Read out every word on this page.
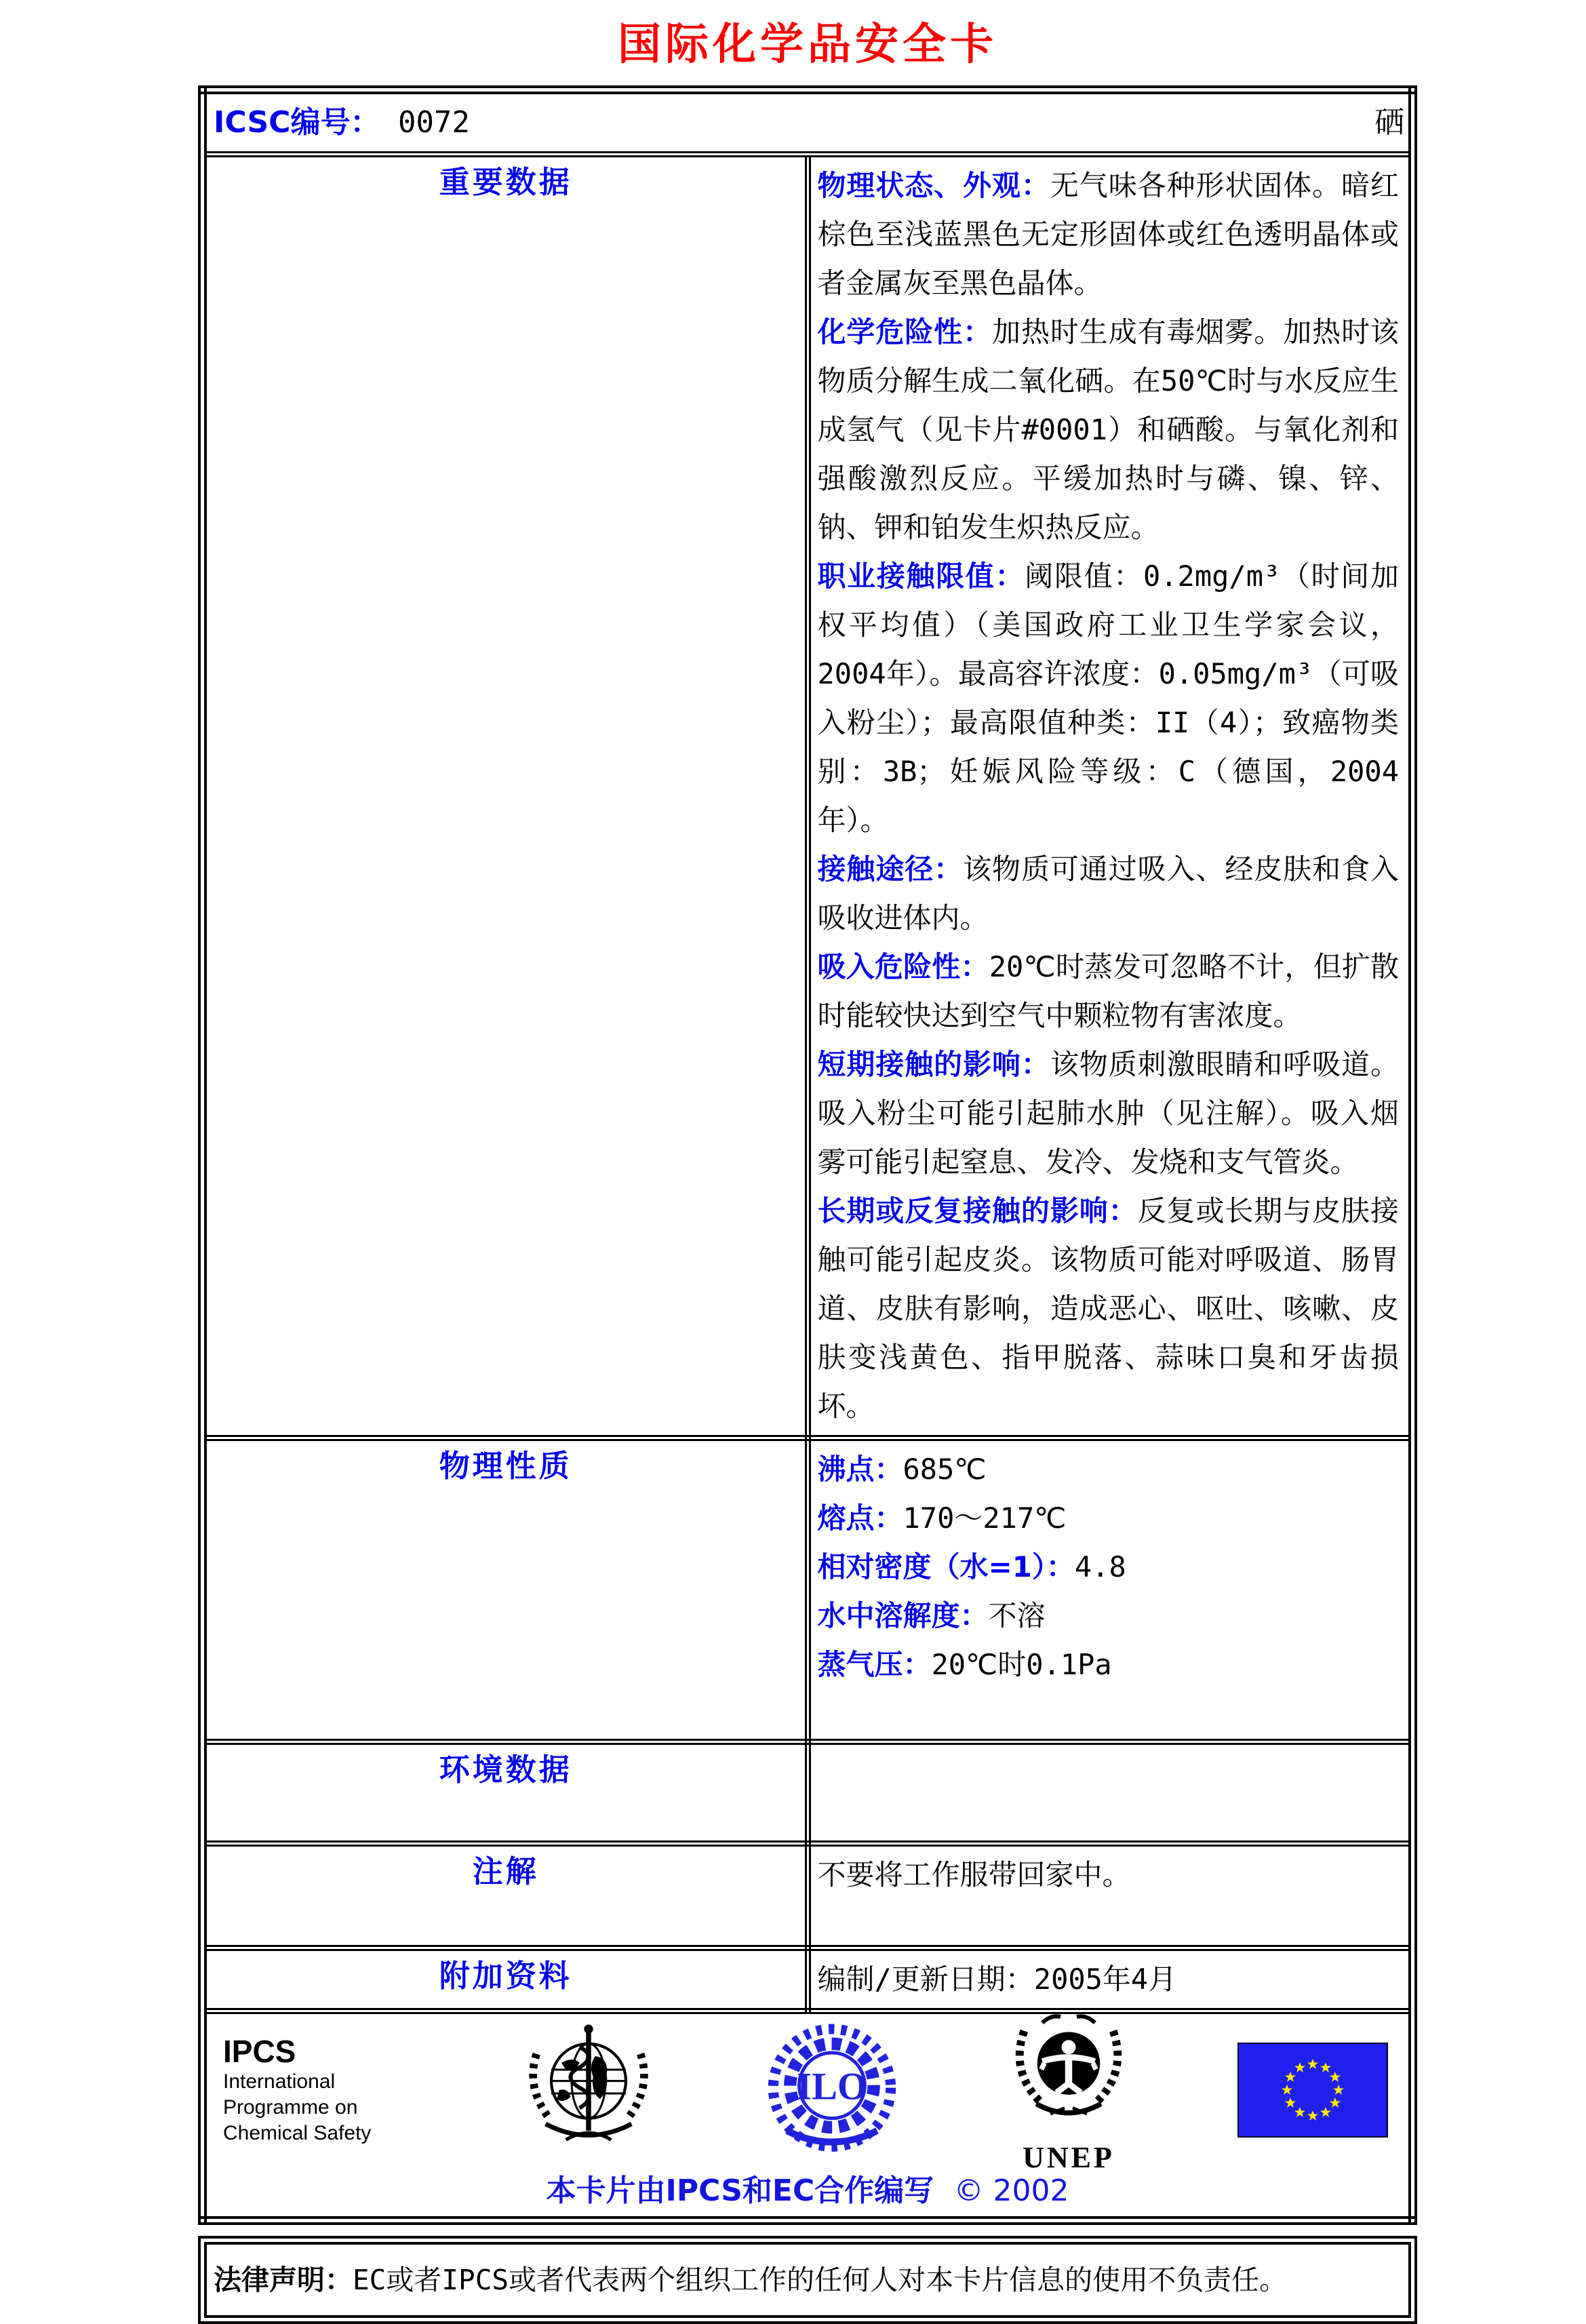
国际化学品安全卡
ICSC编号： 0072 硒	

重要数据	物理状态、外观：无气味各种形状固体。暗红棕色至浅蓝黑色无定形固体或红色透明晶体或者金属灰至黑色晶体。
化学危险性：加热时生成有毒烟雾。加热时该物质分解生成二氧化硒。在50℃时与水反应生成氢气（见卡片#0001）和硒酸。与氧化剂和强酸激烈反应。平缓加热时与磷、镍、锌、钠、钾和铂发生炽热反应。
职业接触限值：阈限值：0.2mg/m³（时间加权平均值）（美国政府工业卫生学家会议，2004年）。最高容许浓度：0.05mg/m³（可吸入粉尘）；最高限值种类：II（4）；致癌物类别：3B；妊娠风险等级：C（德国，2004年）。
接触途径：该物质可通过吸入、经皮肤和食入吸收进体内。
吸入危险性：20℃时蒸发可忽略不计，但扩散时能较快达到空气中颗粒物有害浓度。
短期接触的影响：该物质刺激眼睛和呼吸道。吸入粉尘可能引起肺水肿（见注解）。吸入烟雾可能引起窒息、发冷、发烧和支气管炎。
长期或反复接触的影响：反复或长期与皮肤接触可能引起皮炎。该物质可能对呼吸道、肠胃道、皮肤有影响，造成恶心、呕吐、咳嗽、皮肤变浅黄色、指甲脱落、蒜味口臭和牙齿损坏。

物理性质	沸点：685℃
熔点：170～217℃
相对密度（水=1）：4.8
水中溶解度：不溶
蒸气压：20℃时0.1Pa

环境数据	
注解	不要将工作服带回家中。
附加资料	编制/更新日期：2005年4月

IPCS
International
Programme on
Chemical Safety
ILO
UNEP
本卡片由IPCS和EC合作编写 © 2002
法律声明：EC或者IPCS或者代表两个组织工作的任何人对本卡片信息的使用不负责任。
